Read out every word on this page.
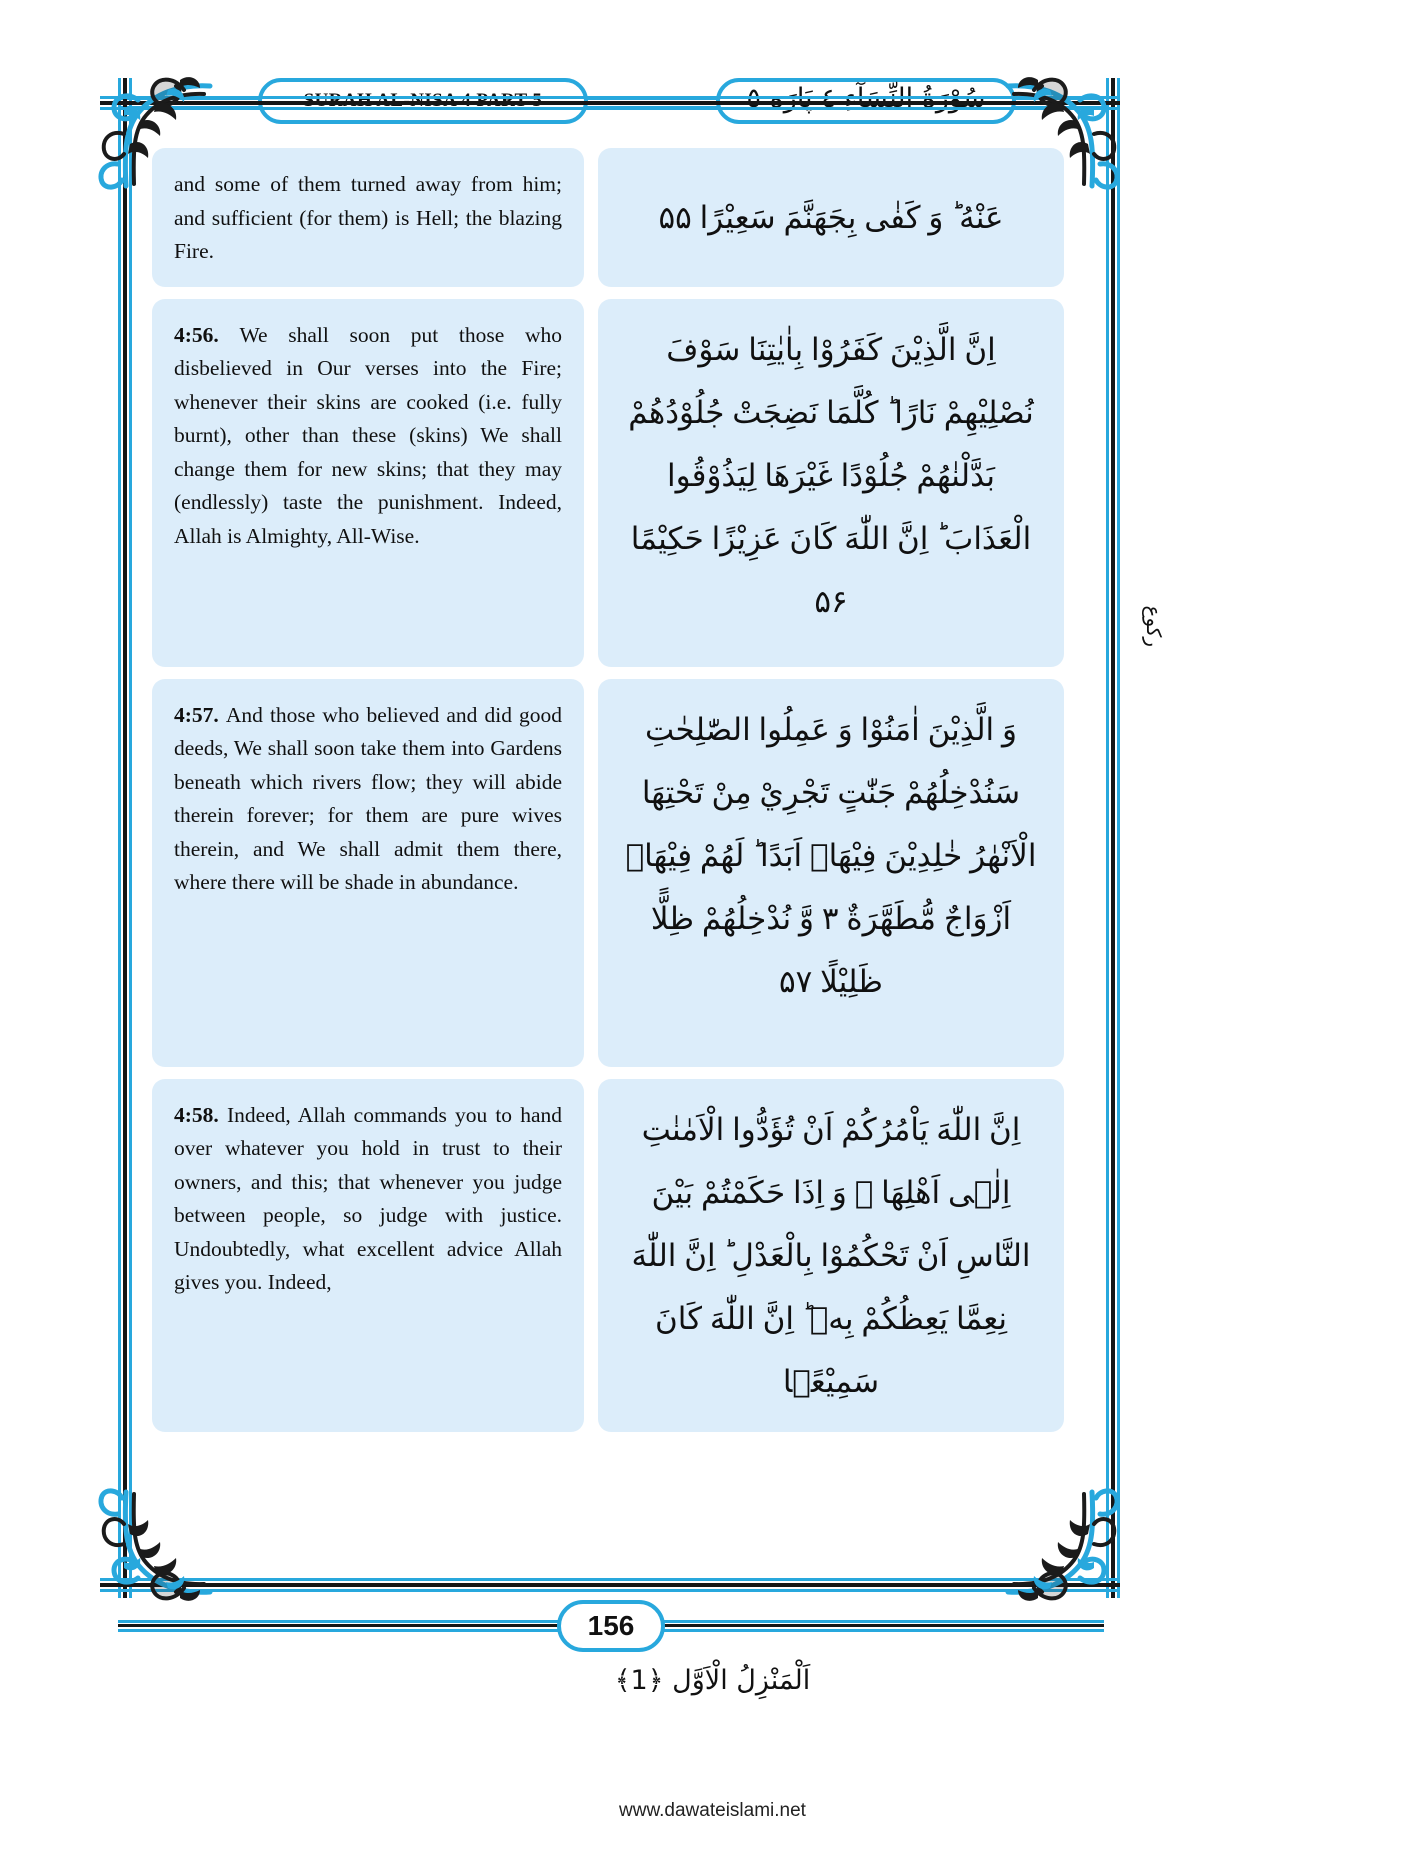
and some of them turned away from him; and sufficient (for them) is Hell; the blazing Fire.
عَنْهُ ؕ وَ كَفٰى بِجَهَنَّمَ سَعِيْرًا ۵۵
4:56. We shall soon put those who disbelieved in Our verses into the Fire; whenever their skins are cooked (i.e. fully burnt), other than these (skins) We shall change them for new skins; that they may (endlessly) taste the punishment. Indeed, Allah is Almighty, All-Wise.
اِنَّ الَّذِيْنَ كَفَرُوْا بِاٰيٰتِنَا سَوْفَ نُصْلِيْهِمْ نَارًا ؕ كُلَّمَا نَضِجَتْ جُلُوْدُهُمْ بَدَّلْنٰهُمْ جُلُوْدًا غَيْرَهَا لِيَذُوْقُوا الْعَذَابَ ؕ اِنَّ اللّٰهَ كَانَ عَزِيْزًا حَكِيْمًا ۵۶
4:57. And those who believed and did good deeds, We shall soon take them into Gardens beneath which rivers flow; they will abide therein forever; for them are pure wives therein, and We shall admit them there, where there will be shade in abundance.
وَ الَّذِيْنَ اٰمَنُوْا وَ عَمِلُوا الصّٰلِحٰتِ سَنُدْخِلُهُمْ جَنّٰتٍ تَجْرِيْ مِنْ تَحْتِهَا الْاَنْهٰرُ خٰلِدِيْنَ فِيْهَاۤ اَبَدًا ؕ لَهُمْ فِيْهَاۤ اَزْوَاجٌ مُّطَهَّرَةٌ ۳ وَّ نُدْخِلُهُمْ ظِلًّا ظَلِيْلًا ۵۷
4:58. Indeed, Allah commands you to hand over whatever you hold in trust to their owners, and this; that whenever you judge between people, so judge with justice. Undoubtedly, what excellent advice Allah gives you. Indeed,
اِنَّ اللّٰهَ يَاْمُرُكُمْ اَنْ تُؤَدُّوا الْاَمٰنٰتِ اِلٰۤى اَهْلِهَا ۙ وَ اِذَا حَكَمْتُمْ بَيْنَ النَّاسِ اَنْ تَحْكُمُوْا بِالْعَدْلِ ؕ اِنَّ اللّٰهَ نِعِمَّا يَعِظُكُمْ بِهٖ ؕ اِنَّ اللّٰهَ كَانَ سَمِيْعًۢا
رکوع
156
اَلْمَنْزِلُ الْاَوَّل ﴿1﴾
www.dawateislami.net
